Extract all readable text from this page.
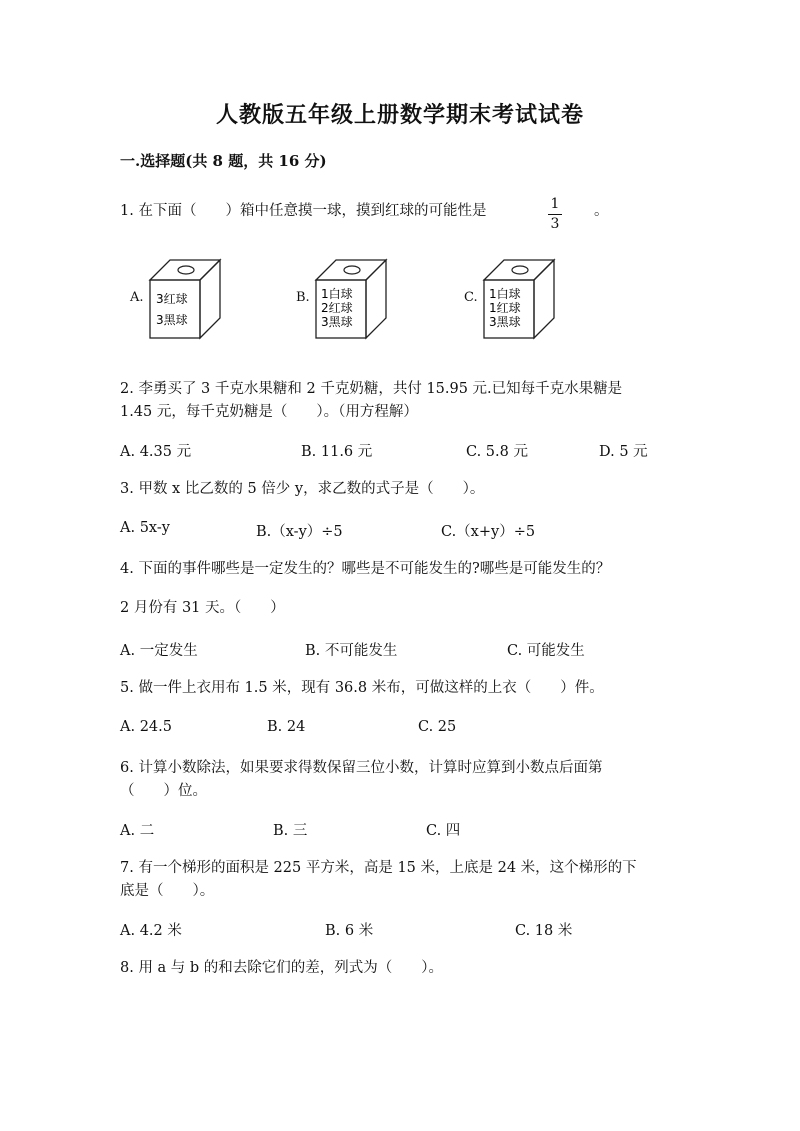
人教版五年级上册数学期末考试试卷
一.选择题(共 8 题，共 16 分)
1. 在下面（　　）箱中任意摸一球，摸到红球的可能性是	1
3
。
A. 3红球
3黑球
B. 1白球
2红球
3黑球
C. 1白球
1红球
3黑球
2. 李勇买了 3 千克水果糖和 2 千克奶糖，共付 15.95 元.已知每千克水果糖是
1.45 元，每千克奶糖是（　　）。（用方程解）
A. 4.35 元	B. 11.6 元	C. 5.8 元	D. 5 元
3. 甲数 x 比乙数的 5 倍少 y，求乙数的式子是（　　）。
A. 5x-y	B.（x-y）÷5	C.（x+y）÷5
4. 下面的事件哪些是一定发生的？哪些是不可能发生的?哪些是可能发生的？
2 月份有 31 天。（　　）
A. 一定发生	B. 不可能发生	C. 可能发生
5. 做一件上衣用布 1.5 米，现有 36.8 米布，可做这样的上衣（　　）件。
A. 24.5	B. 24	C. 25
6. 计算小数除法，如果要求得数保留三位小数，计算时应算到小数点后面第
（　　）位。
A. 二	B. 三	C. 四
7. 有一个梯形的面积是 225 平方米，高是 15 米，上底是 24 米，这个梯形的下
底是（　　）。
A. 4.2 米	B. 6 米	C. 18 米
8. 用 a 与 b 的和去除它们的差，列式为（　　）。
